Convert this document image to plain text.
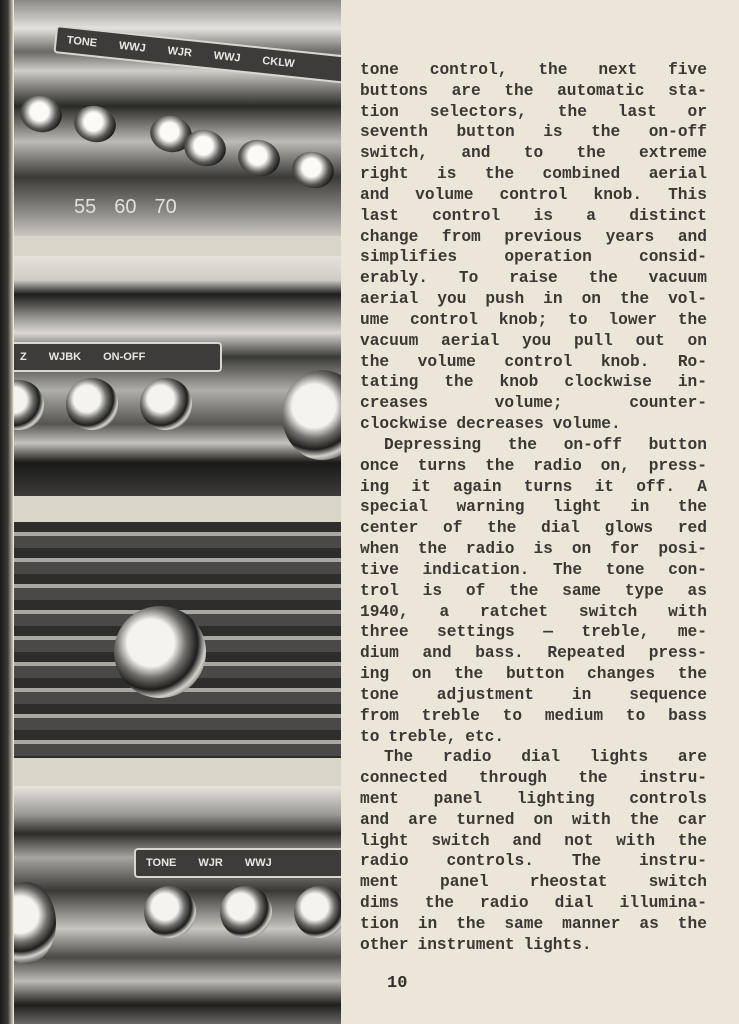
TONE WWJ WJR WWJ CKLW
55 60 70
Z WJBK ON-OFF
TONE WJR WWJ
tone control, the next five
buttons are the automatic sta-
tion selectors, the last or
seventh button is the on-off
switch, and to the extreme
right is the combined aerial
and volume control knob. This
last control is a distinct
change from previous years and
simplifies	operation	consid-
erably. To raise the vacuum
aerial you push in on the vol-
ume control knob; to lower the
vacuum aerial you pull out on
the volume control knob. Ro-
tating the knob clockwise in-
creases	volume;	counter-
clockwise decreases volume.
Depressing the on-off button
once turns the radio on, press-
ing it again turns it off. A
special warning light in the
center of the dial glows red
when the radio is on for posi-
tive indication. The tone con-
trol is of the same type as
1940, a ratchet switch with
three settings — treble, me-
dium and bass. Repeated press-
ing on the button changes the
tone adjustment in sequence
from treble to medium to bass
to treble, etc.
The radio dial lights are
connected through the instru-
ment panel lighting controls
and are turned on with the car
light switch and not with the
radio controls. The instru-
ment	panel	rheostat	switch
dims the radio dial illumina-
tion in the same manner as the
other instrument lights.
10
